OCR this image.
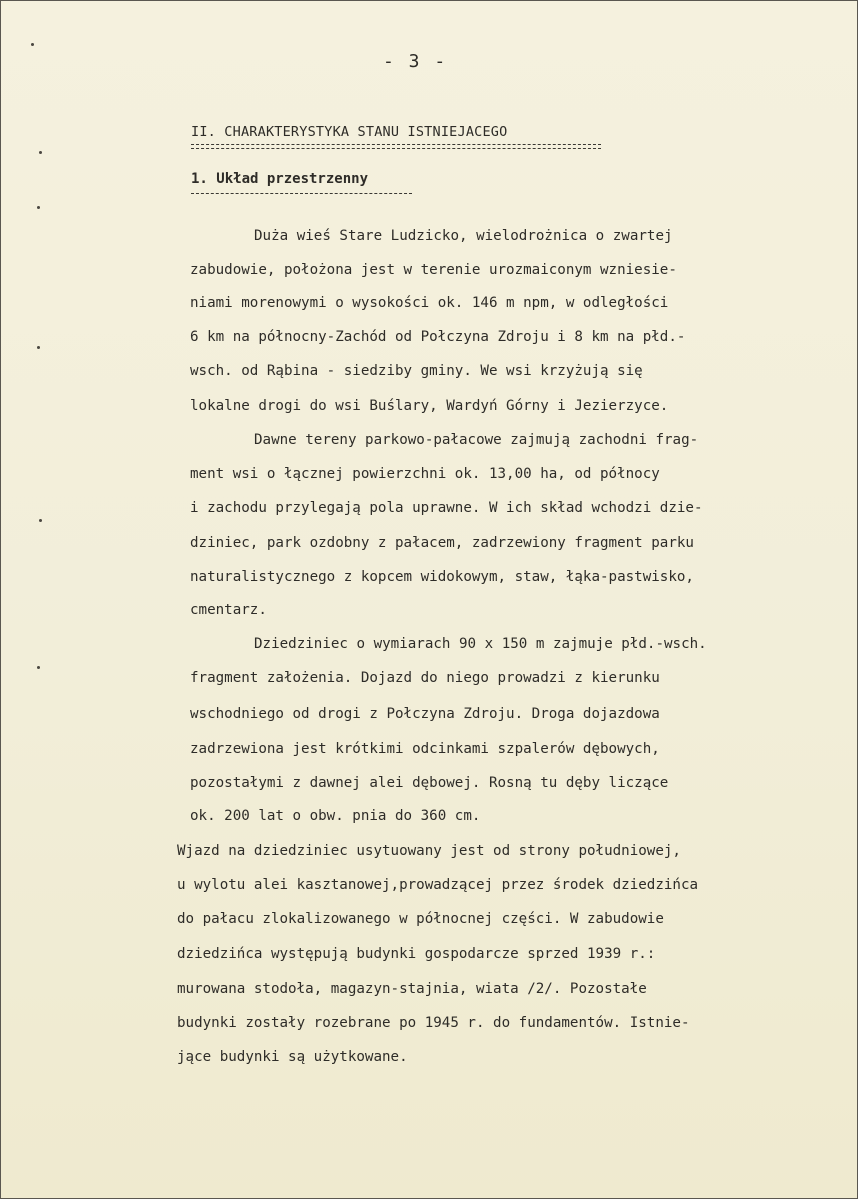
- 3 -
II. CHARAKTERYSTYKA STANU ISTNIEJACEGO
1. Układ przestrzenny
Duża wieś Stare Ludzicko, wielodrożnica o zwartej
zabudowie, położona jest w terenie urozmaiconym wzniesie-
niami morenowymi o wysokości ok. 146 m npm, w odległości
6 km na północny-Zachód od Połczyna Zdroju i 8 km na płd.-
wsch. od Rąbina - siedziby gminy. We wsi krzyżują się
lokalne drogi do wsi Buślary, Wardyń Górny i Jezierzyce.
Dawne tereny parkowo-pałacowe zajmują zachodni frag-
ment wsi o łącznej powierzchni ok. 13,00 ha, od północy
i zachodu przylegają pola uprawne. W ich skład wchodzi dzie-
dziniec, park ozdobny z pałacem, zadrzewiony fragment parku
naturalistycznego z kopcem widokowym, staw, łąka-pastwisko,
cmentarz.
Dziedziniec o wymiarach 90 x 150 m zajmuje płd.-wsch.
fragment założenia. Dojazd do niego prowadzi z kierunku
wschodniego od drogi z Połczyna Zdroju. Droga dojazdowa
zadrzewiona jest krótkimi odcinkami szpalerów dębowych,
pozostałymi z dawnej alei dębowej. Rosną tu dęby liczące
ok. 200 lat o obw. pnia do 360 cm.
Wjazd na dziedziniec usytuowany jest od strony południowej,
u wylotu alei kasztanowej,prowadzącej przez środek dziedzińca
do pałacu zlokalizowanego w północnej części. W zabudowie
dziedzińca występują budynki gospodarcze sprzed 1939 r.:
murowana stodoła, magazyn-stajnia, wiata /2/. Pozostałe
budynki zostały rozebrane po 1945 r. do fundamentów. Istnie-
jące budynki są użytkowane.
